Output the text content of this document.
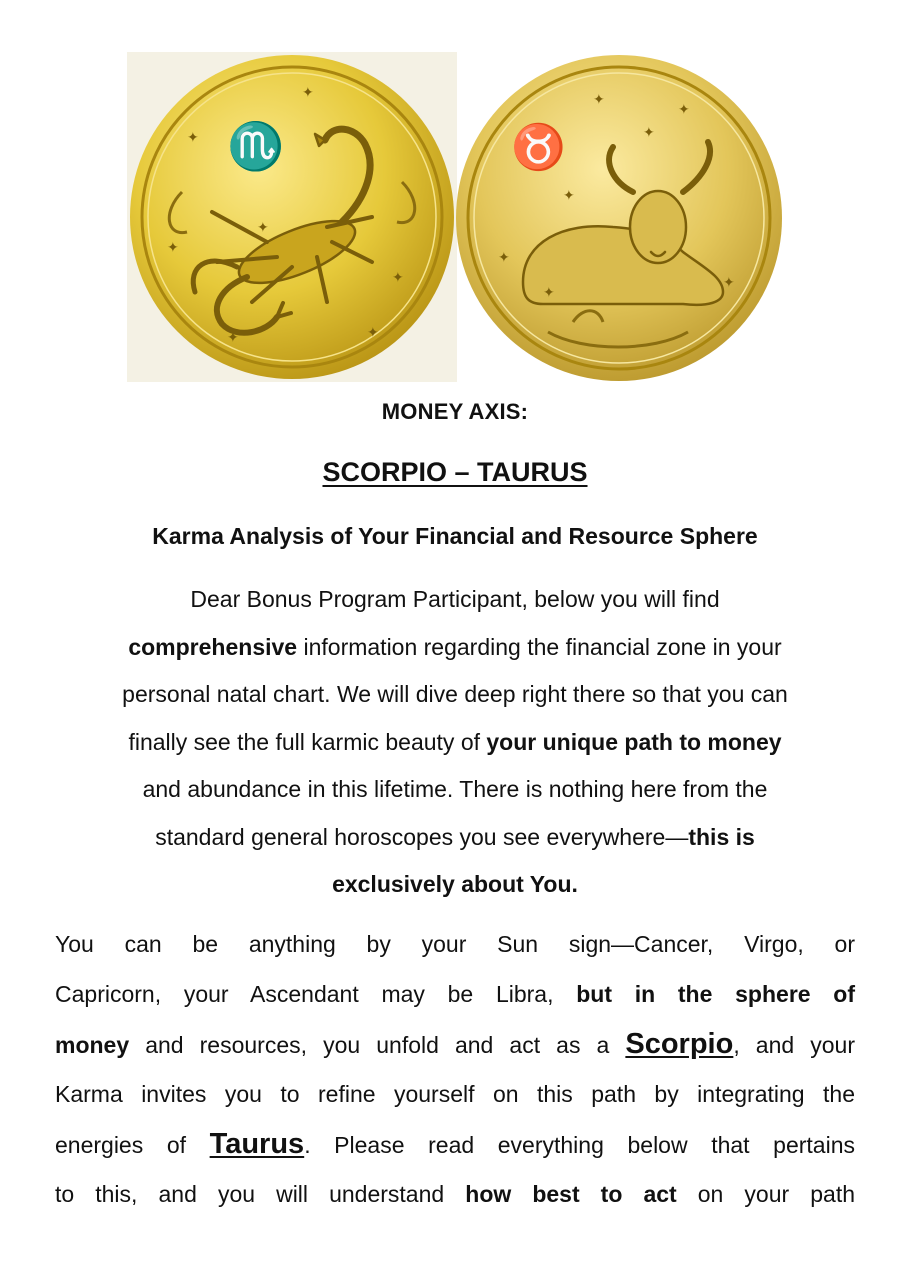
♏
✦
✦
✦
✦
✦
✦
✦
♉
✦
✦
✦
✦
✦
✦
✦
MONEY AXIS:
SCORPIO – TAURUS
Karma Analysis of Your Financial and Resource Sphere
Dear Bonus Program Participant, below you will find
comprehensive information regarding the financial zone in your
personal natal chart. We will dive deep right there so that you can
finally see the full karmic beauty of your unique path to money
and abundance in this lifetime. There is nothing here from the
standard general horoscopes you see everywhere—this is
exclusively about You.
You can be anything by your Sun sign—Cancer, Virgo, or
Capricorn, your Ascendant may be Libra, but in the sphere of
money and resources, you unfold and act as a Scorpio, and your
Karma invites you to refine yourself on this path by integrating the
energies of Taurus. Please read everything below that pertains
to this, and you will understand how best to act on your path
